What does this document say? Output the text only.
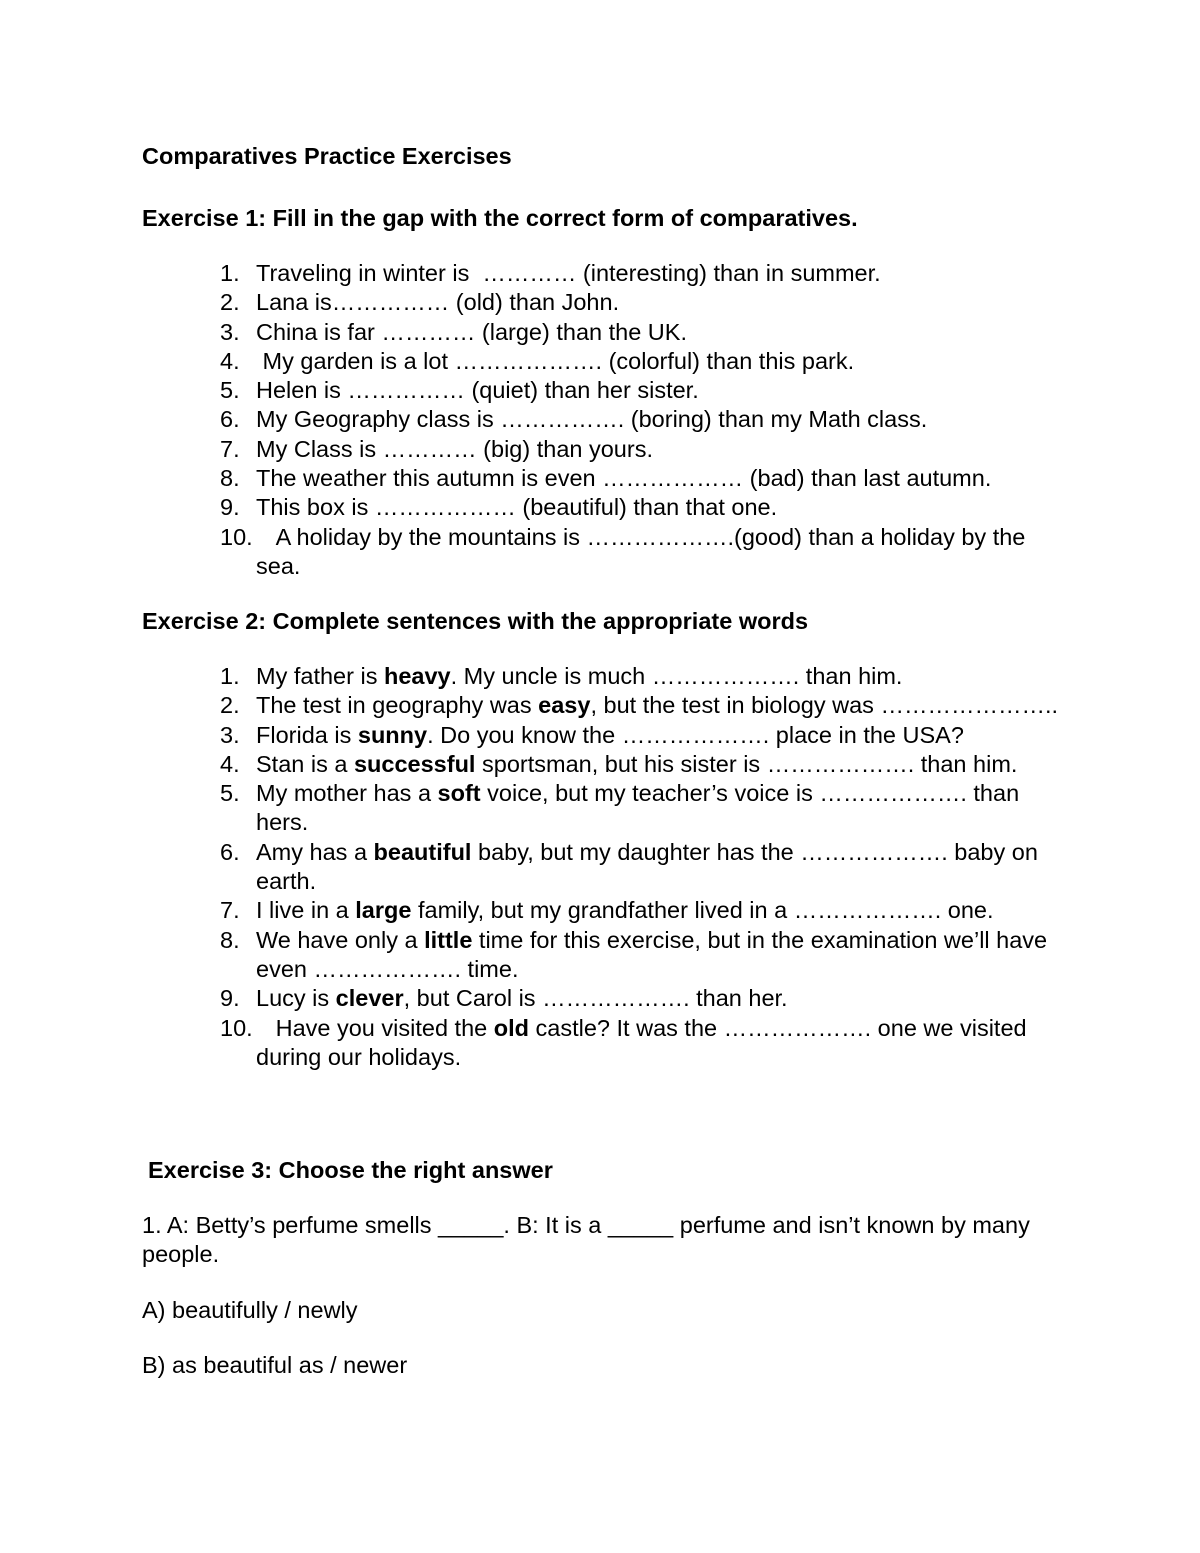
Comparatives Practice Exercises
Exercise 1: Fill in the gap with the correct form of comparatives.
1. Traveling in winter is  ………… (interesting) than in summer.
2. Lana is…………… (old) than John.
3. China is far ………… (large) than the UK.
4. My garden is a lot ………………. (colorful) than this park.
5. Helen is …………… (quiet) than her sister.
6. My Geography class is ……………. (boring) than my Math class.
7. My Class is ………… (big) than yours.
8. The weather this autumn is even ……………… (bad) than last autumn.
9. This box is ……………… (beautiful) than that one.
10. A holiday by the mountains is ……………….(good) than a holiday by the sea.
Exercise 2: Complete sentences with the appropriate words
1. My father is heavy. My uncle is much ………………. than him.
2. The test in geography was easy, but the test in biology was …………………..
3. Florida is sunny. Do you know the ………………. place in the USA?
4. Stan is a successful sportsman, but his sister is ………………. than him.
5. My mother has a soft voice, but my teacher’s voice is ………………. than hers.
6. Amy has a beautiful baby, but my daughter has the ………………. baby on earth.
7. I live in a large family, but my grandfather lived in a ………………. one.
8. We have only a little time for this exercise, but in the examination we’ll have even ………………. time.
9. Lucy is clever, but Carol is ………………. than her.
10. Have you visited the old castle? It was the ………………. one we visited during our holidays.
Exercise 3: Choose the right answer
1. A: Betty’s perfume smells _____. B: It is a _____ perfume and isn’t known by many people.
A) beautifully / newly
B) as beautiful as / newer
